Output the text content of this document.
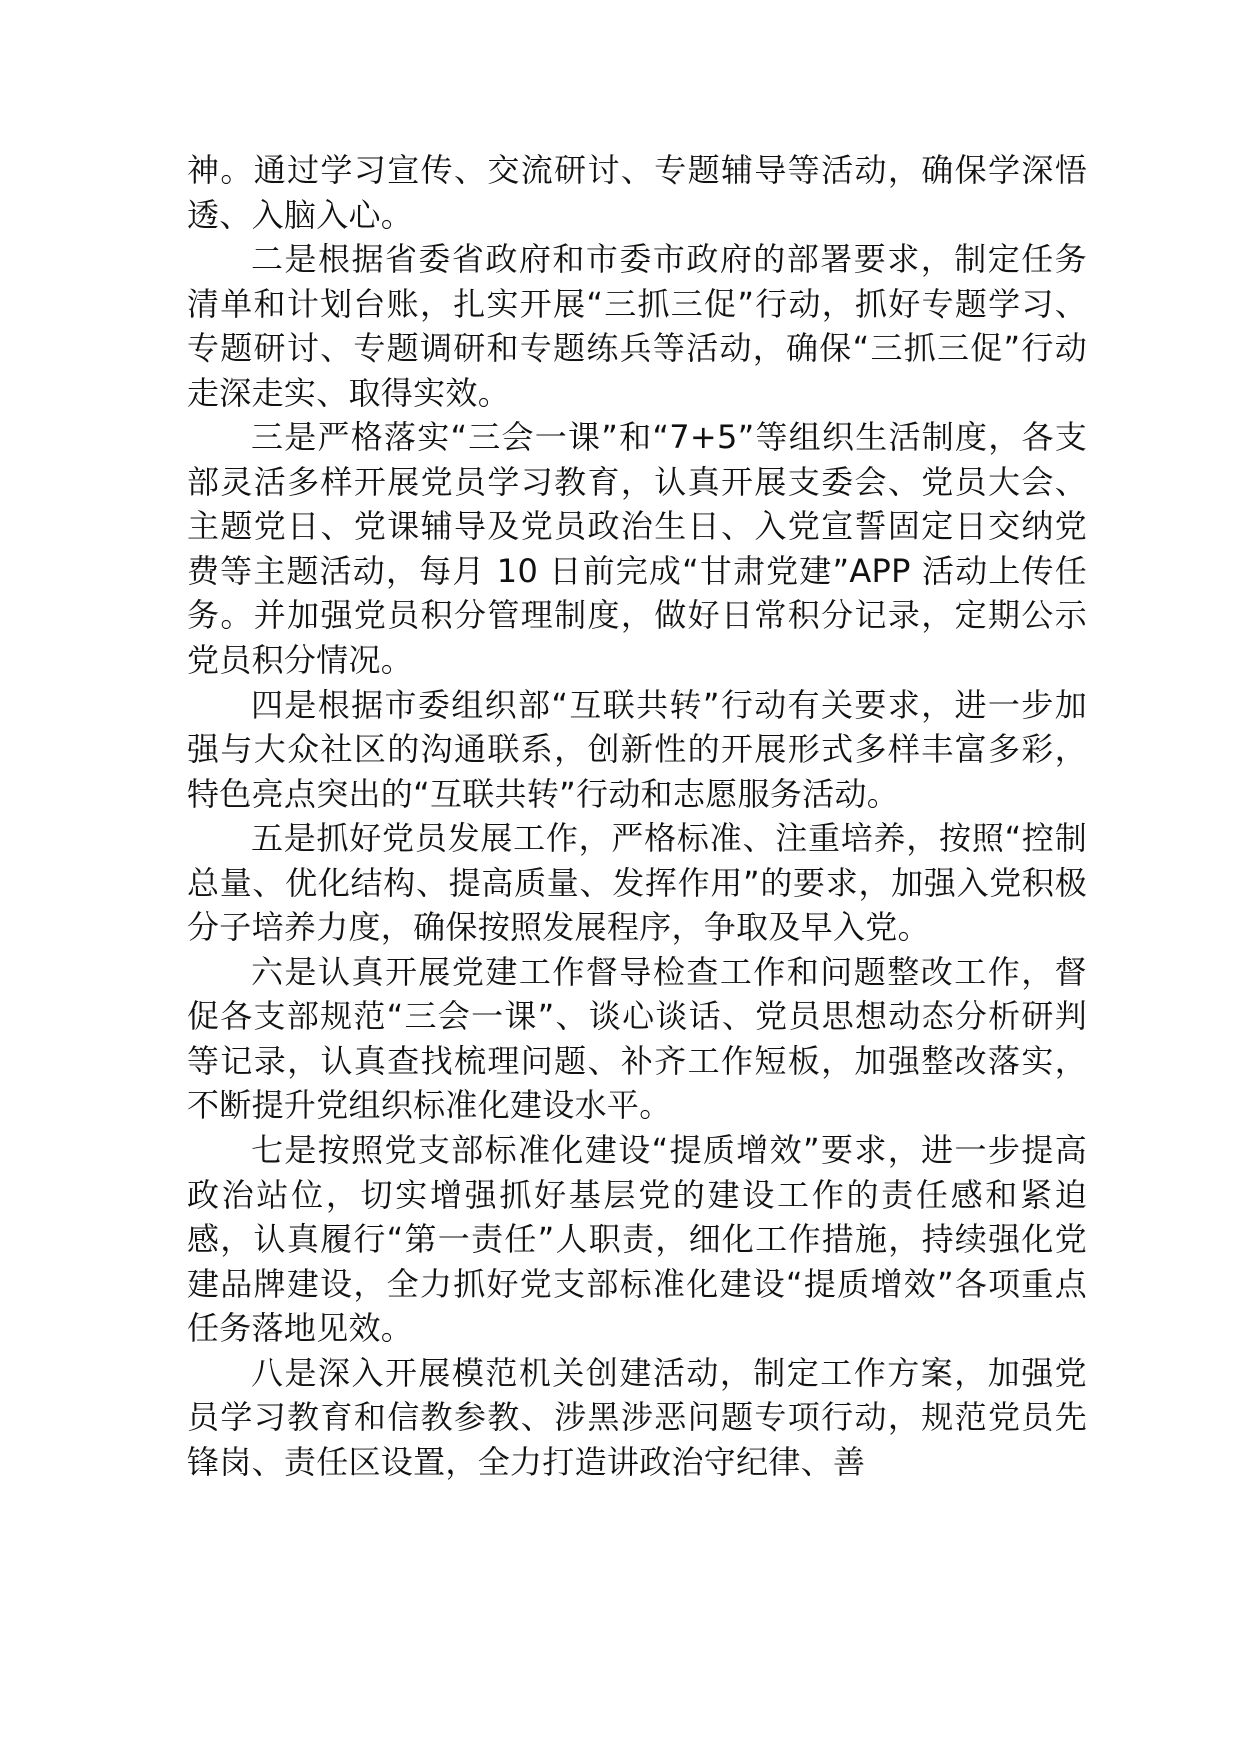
神。通过学习宣传、交流研讨、专题辅导等活动，确保学深悟透、入脑入心。

二是根据省委省政府和市委市政府的部署要求，制定任务清单和计划台账，扎实开展“三抓三促”行动，抓好专题学习、专题研讨、专题调研和专题练兵等活动，确保“三抓三促”行动走深走实、取得实效。

三是严格落实“三会一课”和“7+5”等组织生活制度，各支部灵活多样开展党员学习教育，认真开展支委会、党员大会、主题党日、党课辅导及党员政治生日、入党宣誓固定日交纳党费等主题活动，每月 10 日前完成“甘肃党建”APP 活动上传任务。并加强党员积分管理制度，做好日常积分记录，定期公示党员积分情况。

四是根据市委组织部“互联共转”行动有关要求，进一步加强与大众社区的沟通联系，创新性的开展形式多样丰富多彩，特色亮点突出的“互联共转”行动和志愿服务活动。

五是抓好党员发展工作，严格标准、注重培养，按照“控制总量、优化结构、提高质量、发挥作用”的要求，加强入党积极分子培养力度，确保按照发展程序，争取及早入党。

六是认真开展党建工作督导检查工作和问题整改工作，督促各支部规范“三会一课”、谈心谈话、党员思想动态分析研判等记录，认真查找梳理问题、补齐工作短板，加强整改落实，不断提升党组织标准化建设水平。

七是按照党支部标准化建设“提质增效”要求，进一步提高政治站位，切实增强抓好基层党的建设工作的责任感和紧迫感，认真履行“第一责任”人职责，细化工作措施，持续强化党建品牌建设，全力抓好党支部标准化建设“提质增效”各项重点任务落地见效。

八是深入开展模范机关创建活动，制定工作方案，加强党员学习教育和信教参教、涉黑涉恶问题专项行动，规范党员先锋岗、责任区设置，全力打造讲政治守纪律、善
